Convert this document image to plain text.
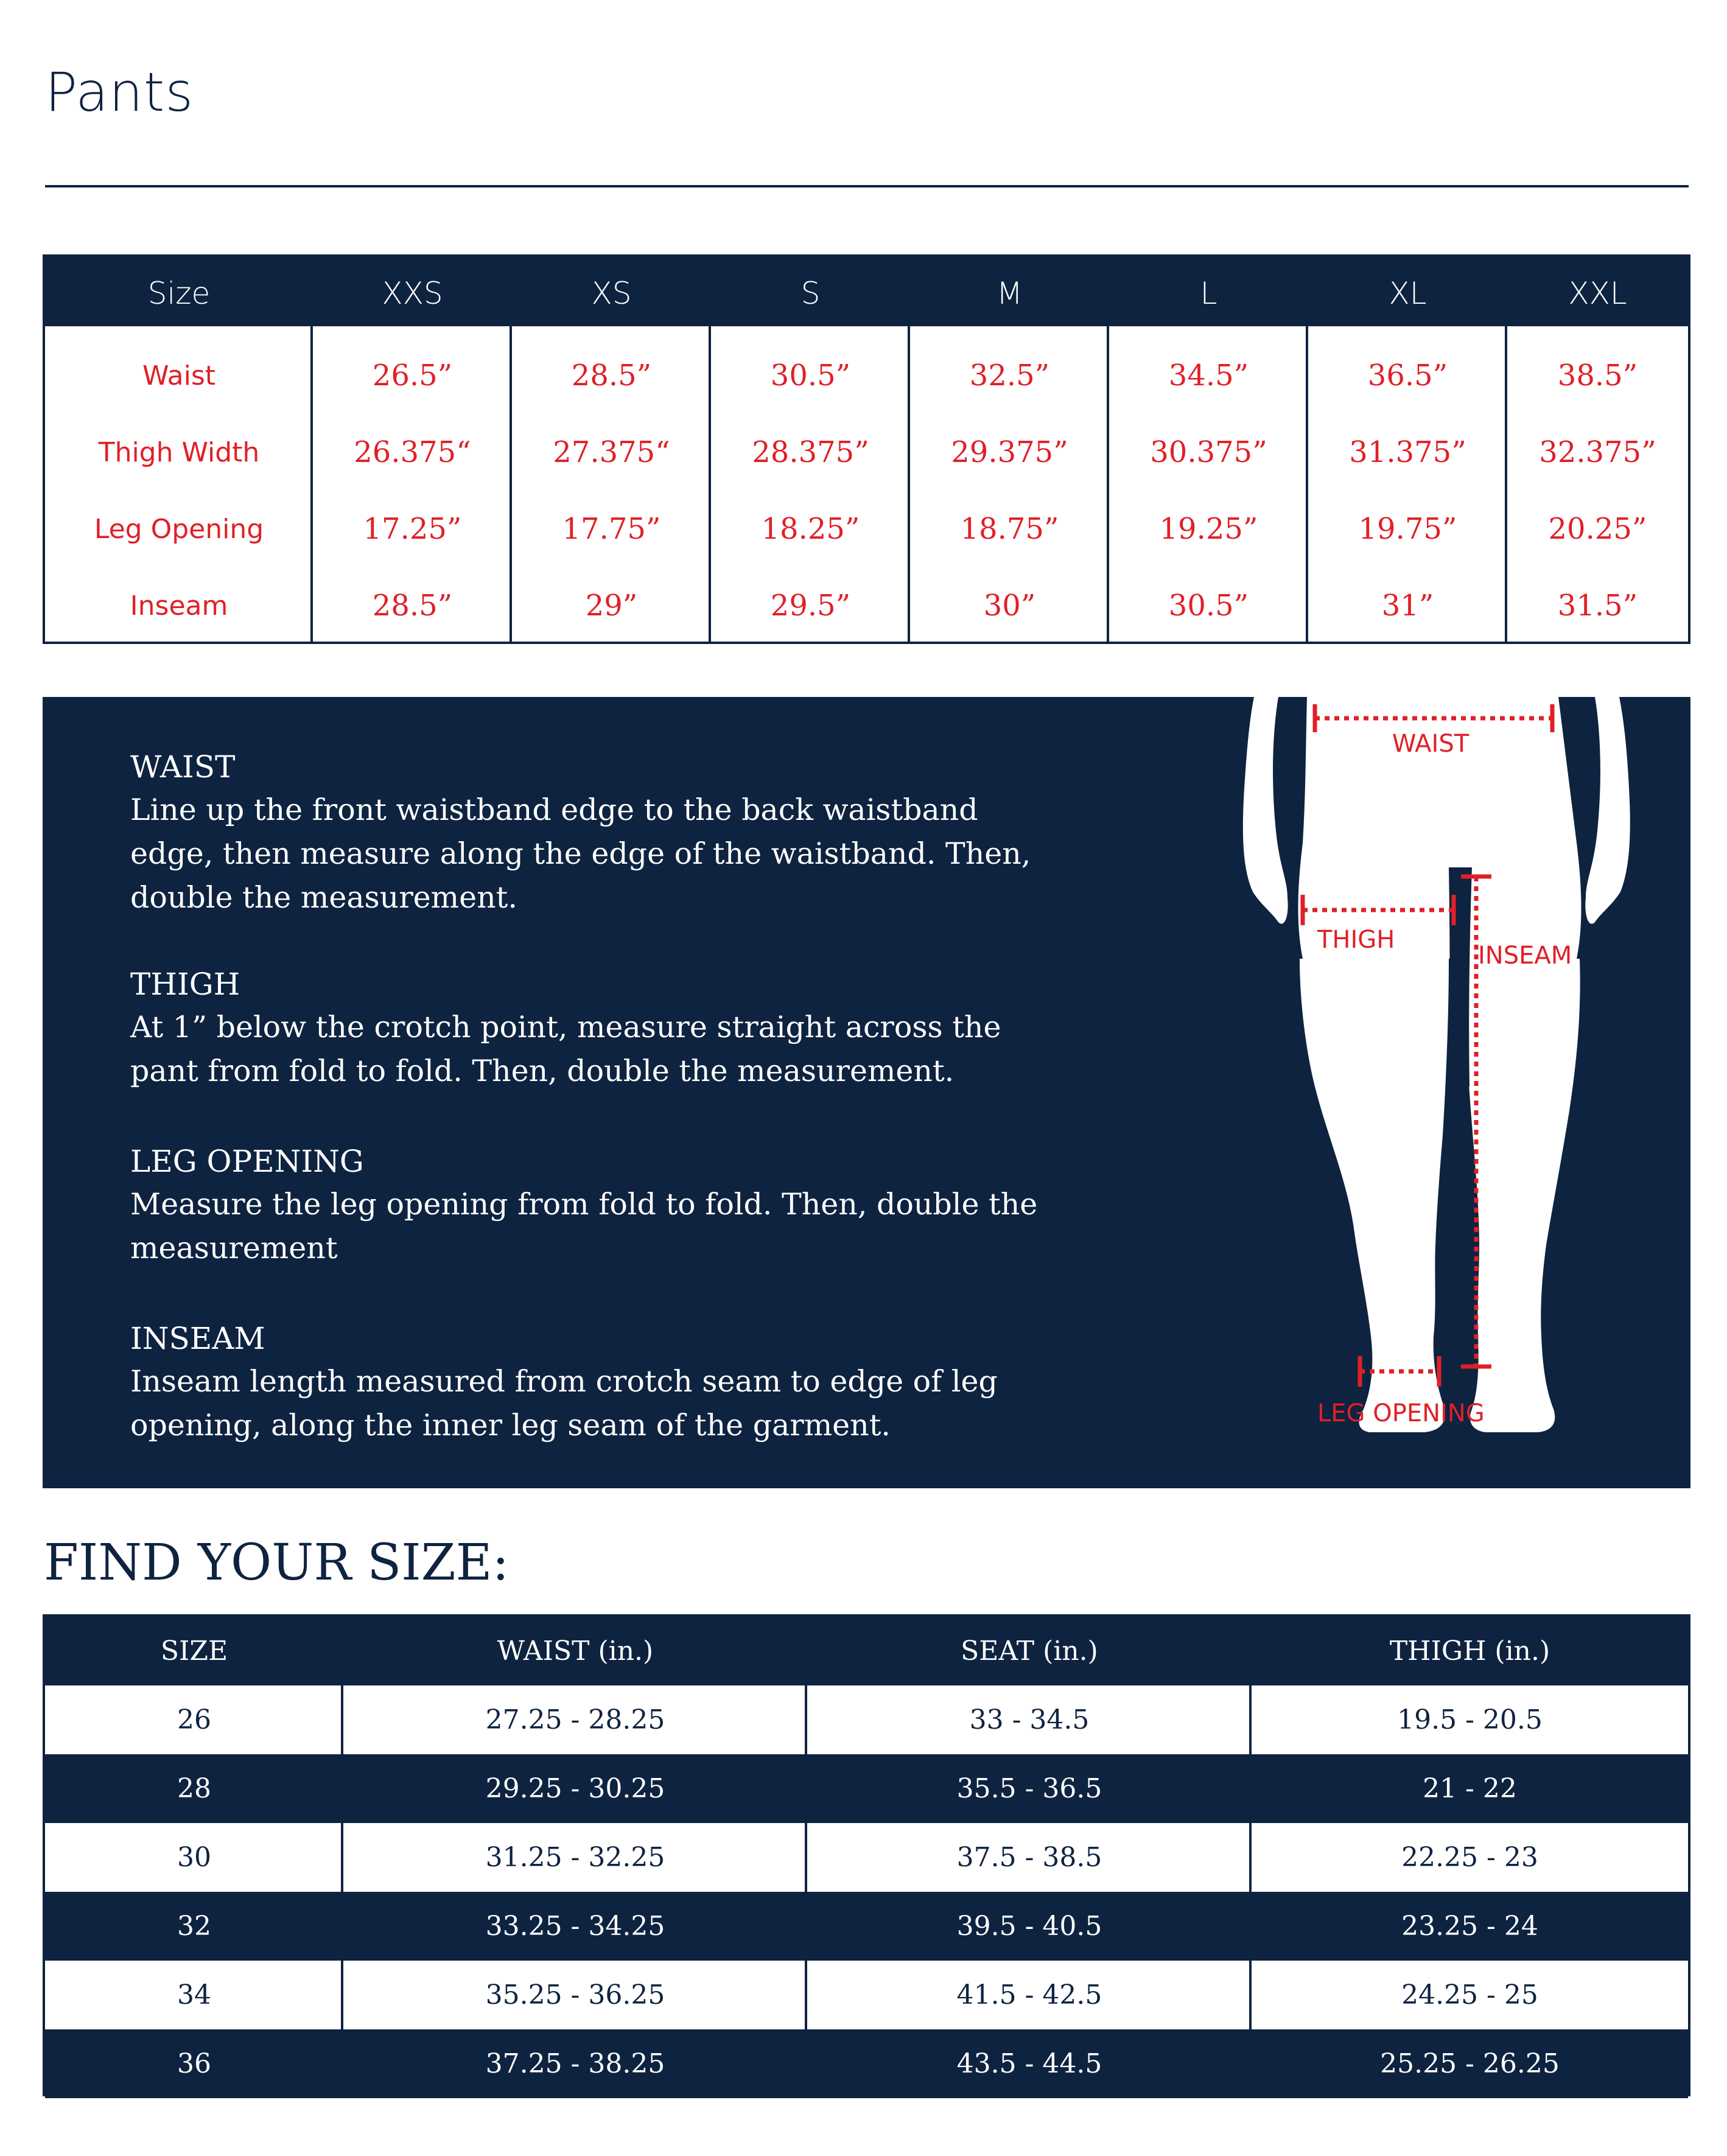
Pants
Size	XXS	XS	S	M	L	XL	XXL
Waist	26.5”	28.5”	30.5”	32.5”	34.5”	36.5”	38.5”
Thigh Width	26.375“	27.375“	28.375”	29.375”	30.375”	31.375”	32.375”
Leg Opening	17.25”	17.75”	18.25”	18.75”	19.25”	19.75”	20.25”
Inseam	28.5”	29”	29.5”	30”	30.5”	31”	31.5”
WAIST
Line up the front waistband edge to the back waistband
edge, then measure along the edge of the waistband. Then,
double the measurement.
THIGH
At 1” below the crotch point, measure straight across the
pant from fold to fold. Then, double the measurement.
LEG OPENING
Measure the leg opening from fold to fold. Then, double the
measurement
INSEAM
Inseam length measured from crotch seam to edge of leg
opening, along the inner leg seam of the garment.
WAIST
THIGH
INSEAM
LEG OPENING
FIND YOUR SIZE:
SIZE	WAIST (in.)	SEAT (in.)	THIGH (in.)
26	27.25 - 28.25	33 - 34.5	19.5 - 20.5
28	29.25 - 30.25	35.5 - 36.5	21 - 22
30	31.25 - 32.25	37.5 - 38.5	22.25 - 23
32	33.25 - 34.25	39.5 - 40.5	23.25 - 24
34	35.25 - 36.25	41.5 - 42.5	24.25 - 25
36	37.25 - 38.25	43.5 - 44.5	25.25 - 26.25
